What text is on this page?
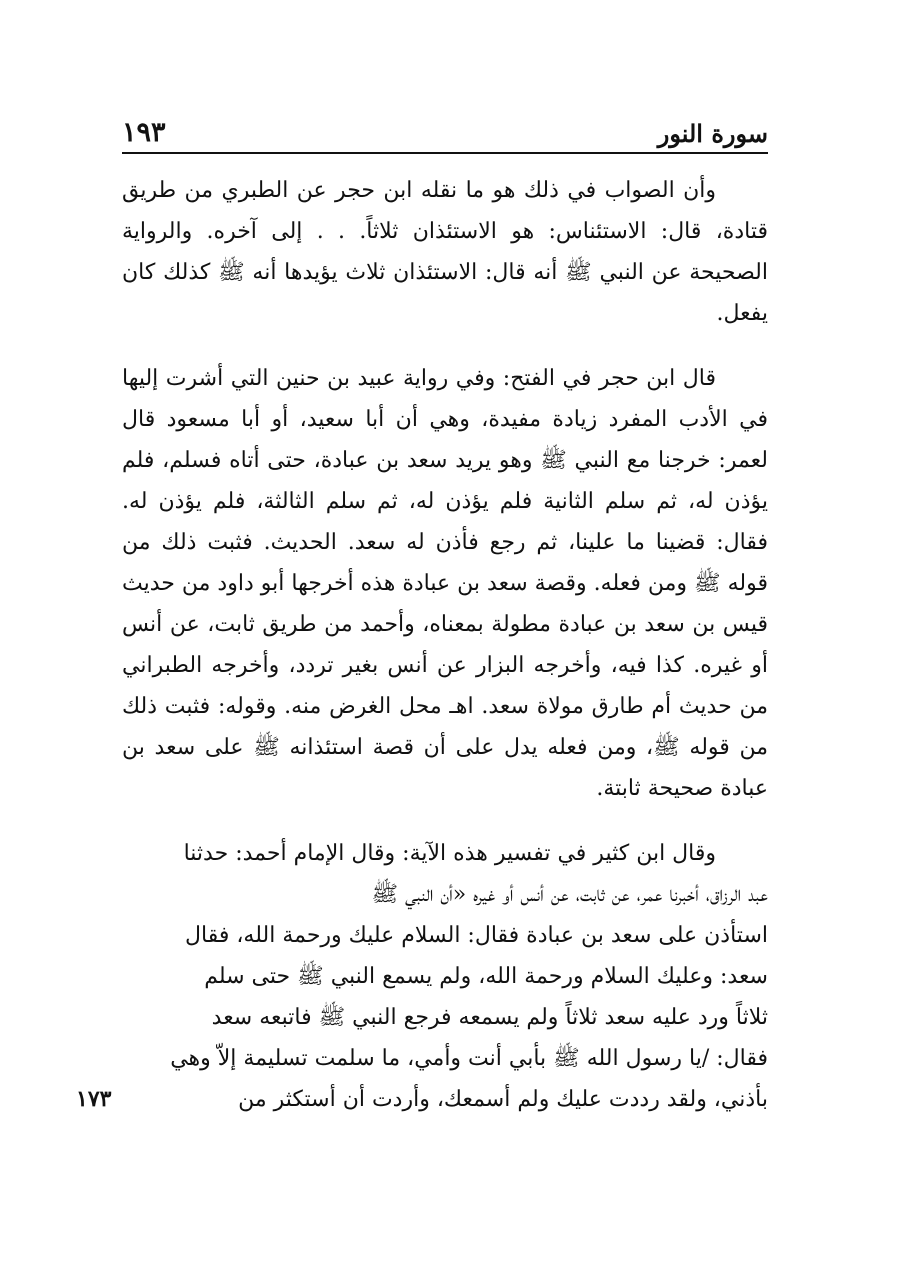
سورة النور
١٩٣

وأن الصواب في ذلك هو ما نقله ابن حجر عن الطبري من طريق قتادة، قال: الاستئناس: هو الاستئذان ثلاثاً. . . إلى آخره. والرواية الصحيحة عن النبي ﷺ أنه قال: الاستئذان ثلاث يؤيدها أنه ﷺ كذلك كان يفعل.

قال ابن حجر في الفتح: وفي رواية عبيد بن حنين التي أشرت إليها في الأدب المفرد زيادة مفيدة، وهي أن أبا سعيد، أو أبا مسعود قال لعمر: خرجنا مع النبي ﷺ وهو يريد سعد بن عبادة، حتى أتاه فسلم، فلم يؤذن له، ثم سلم الثانية فلم يؤذن له، ثم سلم الثالثة، فلم يؤذن له. فقال: قضينا ما علينا، ثم رجع فأذن له سعد. الحديث. فثبت ذلك من قوله ﷺ ومن فعله. وقصة سعد بن عبادة هذه أخرجها أبو داود من حديث قيس بن سعد بن عبادة مطولة بمعناه، وأحمد من طريق ثابت، عن أنس أو غيره. كذا فيه، وأخرجه البزار عن أنس بغير تردد، وأخرجه الطبراني من حديث أم طارق مولاة سعد. اهـ محل الغرض منه. وقوله: فثبت ذلك من قوله ﷺ، ومن فعله يدل على أن قصة استئذانه ﷺ على سعد بن عبادة صحيحة ثابتة.

وقال ابن كثير في تفسير هذه الآية: وقال الإمام أحمد: حدثنا
عبد الرزاق، أخبرنا عمر، عن ثابت، عن أنس أو غيره «أن النبي ﷺ
استأذن على سعد بن عبادة فقال: السلام عليك ورحمة الله، فقال
سعد: وعليك السلام ورحمة الله، ولم يسمع النبي ﷺ حتى سلم
ثلاثاً ورد عليه سعد ثلاثاً ولم يسمعه فرجع النبي ﷺ فاتبعه سعد
فقال: /يا رسول الله ﷺ بأبي أنت وأمي، ما سلمت تسليمة إلاّ وهي
بأذني، ولقد رددت عليك ولم أسمعك، وأردت أن أستكثر من
١٧٣
